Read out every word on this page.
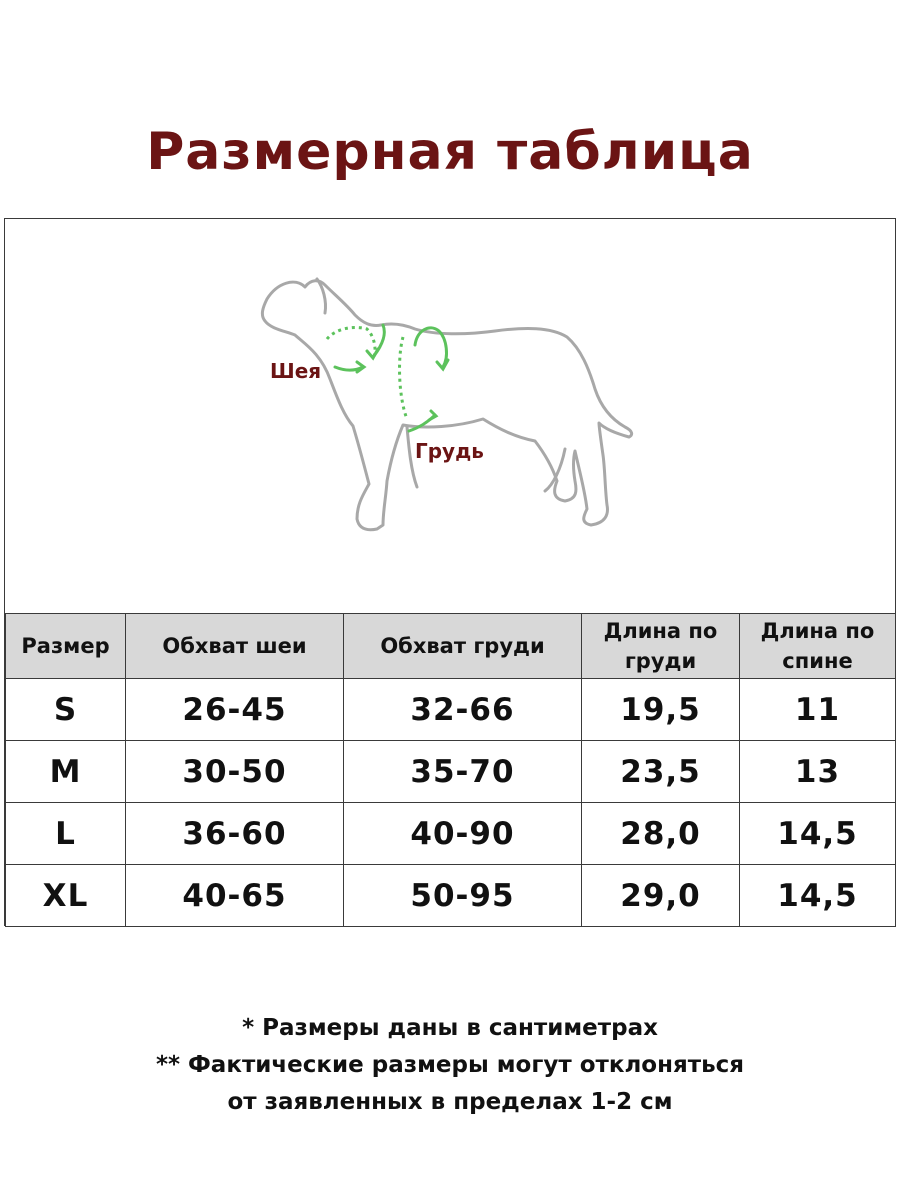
Размерная таблица
Шея
Грудь
Размер	Обхват шеи	Обхват груди	Длина по груди	Длина по спине
S	26-45	32-66	19,5	11
M	30-50	35-70	23,5	13
L	36-60	40-90	28,0	14,5
XL	40-65	50-95	29,0	14,5
* Размеры даны в сантиметрах
** Фактические размеры могут отклоняться
от заявленных в пределах 1-2 см
